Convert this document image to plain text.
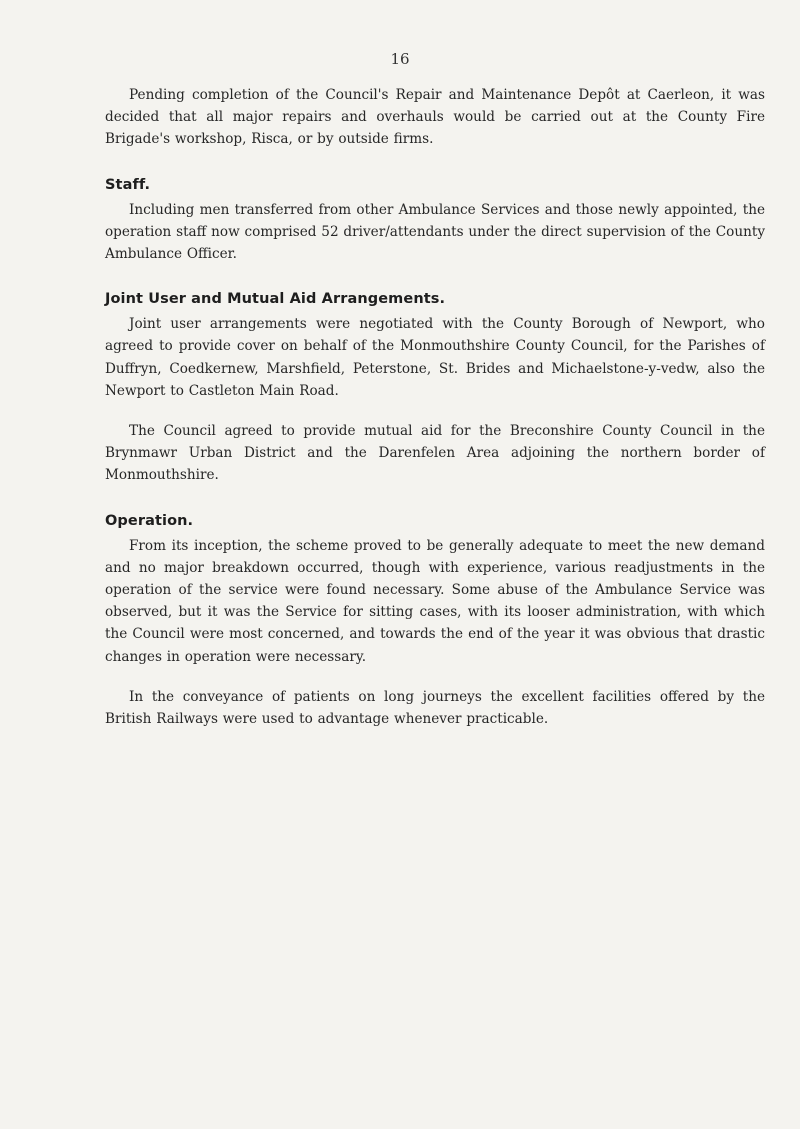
16

Pending completion of the Council's Repair and Maintenance Depôt at Caerleon, it was decided that all major repairs and overhauls would be carried out at the County Fire Brigade's workshop, Risca, or by outside firms.

Staff.

Including men transferred from other Ambulance Services and those newly appointed, the operation staff now comprised 52 driver/attendants under the direct supervision of the County Ambulance Officer.

Joint User and Mutual Aid Arrangements.

Joint user arrangements were negotiated with the County Borough of Newport, who agreed to provide cover on behalf of the Monmouthshire County Council, for the Parishes of Duffryn, Coedkernew, Marshfield, Peterstone, St. Brides and Michaelstone-y-vedw, also the Newport to Castleton Main Road.

The Council agreed to provide mutual aid for the Breconshire County Council in the Brynmawr Urban District and the Darenfelen Area adjoining the northern border of Monmouthshire.

Operation.

From its inception, the scheme proved to be generally adequate to meet the new demand and no major breakdown occurred, though with experience, various readjustments in the operation of the service were found necessary. Some abuse of the Ambulance Service was observed, but it was the Service for sitting cases, with its looser administration, with which the Council were most concerned, and towards the end of the year it was obvious that drastic changes in operation were necessary.

In the conveyance of patients on long journeys the excellent facilities offered by the British Railways were used to advantage whenever practicable.
